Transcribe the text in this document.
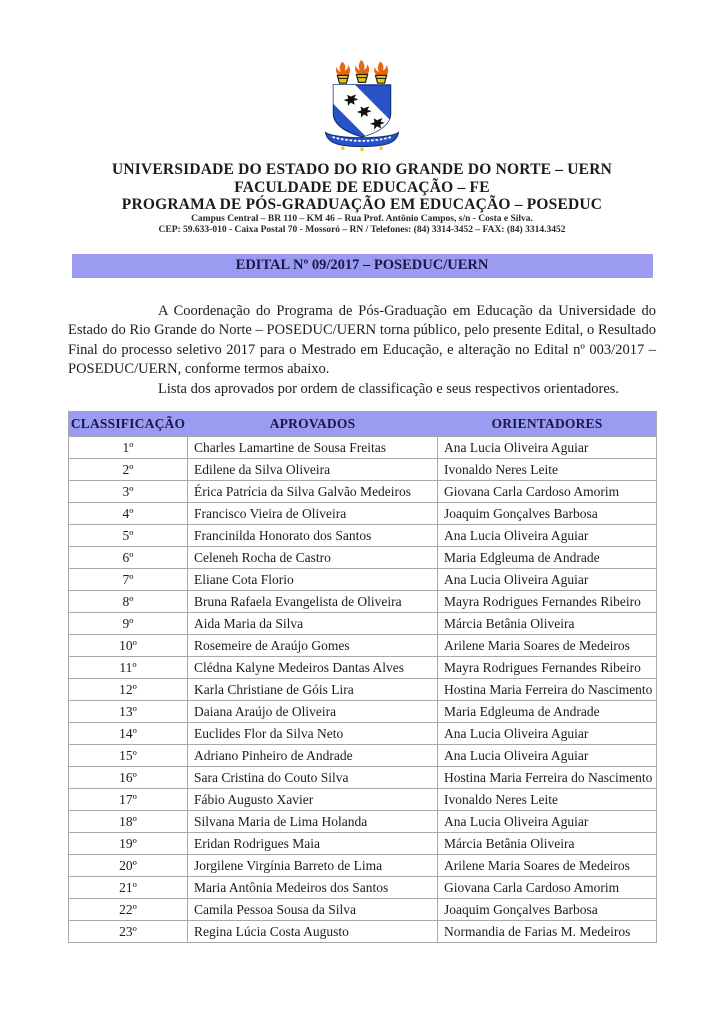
UNIVERSIDADE DO ESTADO DO RIO GRANDE DO NORTE – UERN
FACULDADE DE EDUCAÇÃO – FE
PROGRAMA DE PÓS-GRADUAÇÃO EM EDUCAÇÃO – POSEDUC
Campus Central – BR 110 – KM 46 – Rua Prof. Antônio Campos, s/n - Costa e Silva.
CEP: 59.633-010 - Caixa Postal 70 - Mossoró – RN / Telefones: (84) 3314-3452 – FAX: (84) 3314.3452
EDITAL Nº 09/2017 – POSEDUC/UERN

A Coordenação do Programa de Pós-Graduação em Educação da Universidade do Estado do Rio Grande do Norte – POSEDUC/UERN torna público, pelo presente Edital, o Resultado Final do processo seletivo 2017 para o Mestrado em Educação, e alteração no Edital nº 003/2017 – POSEDUC/UERN, conforme termos abaixo.

Lista dos aprovados por ordem de classificação e seus respectivos orientadores.

CLASSIFICAÇÃO	APROVADOS	ORIENTADORES
1º	Charles Lamartine de Sousa Freitas	Ana Lucia Oliveira Aguiar
2º	Edilene da Silva Oliveira	Ivonaldo Neres Leite
3º	Érica Patrícia da Silva Galvão Medeiros	Giovana Carla Cardoso Amorim
4º	Francisco Vieira de Oliveira	Joaquim Gonçalves Barbosa
5º	Francinilda Honorato dos Santos	Ana Lucia Oliveira Aguiar
6º	Celeneh Rocha de Castro	Maria Edgleuma de Andrade
7º	Eliane Cota Florio	Ana Lucia Oliveira Aguiar
8º	Bruna Rafaela Evangelista de Oliveira	Mayra Rodrigues Fernandes Ribeiro
9º	Aida Maria da Silva	Márcia Betânia Oliveira
10º	Rosemeire de Araújo Gomes	Arilene Maria Soares de Medeiros
11º	Clédna Kalyne Medeiros Dantas Alves	Mayra Rodrigues Fernandes Ribeiro
12º	Karla Christiane de Góis Lira	Hostina Maria Ferreira do Nascimento
13º	Daiana Araújo de Oliveira	Maria Edgleuma de Andrade
14º	Euclides Flor da Silva Neto	Ana Lucia Oliveira Aguiar
15º	Adriano Pinheiro de Andrade	Ana Lucia Oliveira Aguiar
16º	Sara Cristina do Couto Silva	Hostina Maria Ferreira do Nascimento
17º	Fábio Augusto Xavier	Ivonaldo Neres Leite
18º	Silvana Maria de Lima Holanda	Ana Lucia Oliveira Aguiar
19º	Eridan Rodrigues Maia	Márcia Betânia Oliveira
20º	Jorgilene Virgínia Barreto de Lima	Arilene Maria Soares de Medeiros
21º	Maria Antônia Medeiros dos Santos	Giovana Carla Cardoso Amorim
22º	Camila Pessoa Sousa da Silva	Joaquim Gonçalves Barbosa
23º	Regina Lúcia Costa Augusto	Normandia de Farias M. Medeiros
